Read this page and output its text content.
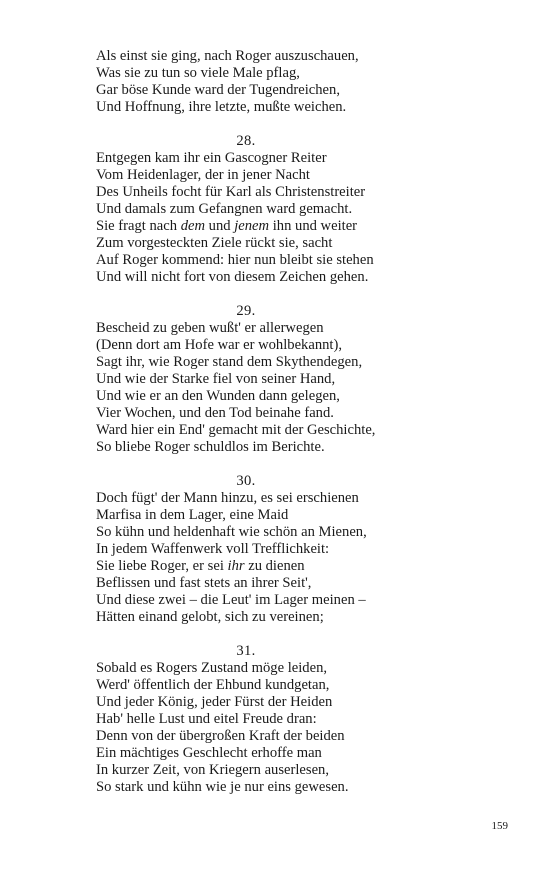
Als einst sie ging, nach Roger auszuschauen,
Was sie zu tun so viele Male pflag,
Gar böse Kunde ward der Tugendreichen,
Und Hoffnung, ihre letzte, mußte weichen.
28.
Entgegen kam ihr ein Gascogner Reiter
Vom Heidenlager, der in jener Nacht
Des Unheils focht für Karl als Christenstreiter
Und damals zum Gefangnen ward gemacht.
Sie fragt nach dem und jenem ihn und weiter
Zum vorgesteckten Ziele rückt sie, sacht
Auf Roger kommend: hier nun bleibt sie stehen
Und will nicht fort von diesem Zeichen gehen.
29.
Bescheid zu geben wußt' er allerwegen
(Denn dort am Hofe war er wohlbekannt),
Sagt ihr, wie Roger stand dem Skythendegen,
Und wie der Starke fiel von seiner Hand,
Und wie er an den Wunden dann gelegen,
Vier Wochen, und den Tod beinahe fand.
Ward hier ein End' gemacht mit der Geschichte,
So bliebe Roger schuldlos im Berichte.
30.
Doch fügt' der Mann hinzu, es sei erschienen
Marfisa in dem Lager, eine Maid
So kühn und heldenhaft wie schön an Mienen,
In jedem Waffenwerk voll Trefflichkeit:
Sie liebe Roger, er sei ihr zu dienen
Beflissen und fast stets an ihrer Seit',
Und diese zwei – die Leut' im Lager meinen –
Hätten einand gelobt, sich zu vereinen;
31.
Sobald es Rogers Zustand möge leiden,
Werd' öffentlich der Ehbund kundgetan,
Und jeder König, jeder Fürst der Heiden
Hab' helle Lust und eitel Freude dran:
Denn von der übergroßen Kraft der beiden
Ein mächtiges Geschlecht erhoffe man
In kurzer Zeit, von Kriegern auserlesen,
So stark und kühn wie je nur eins gewesen.
159
